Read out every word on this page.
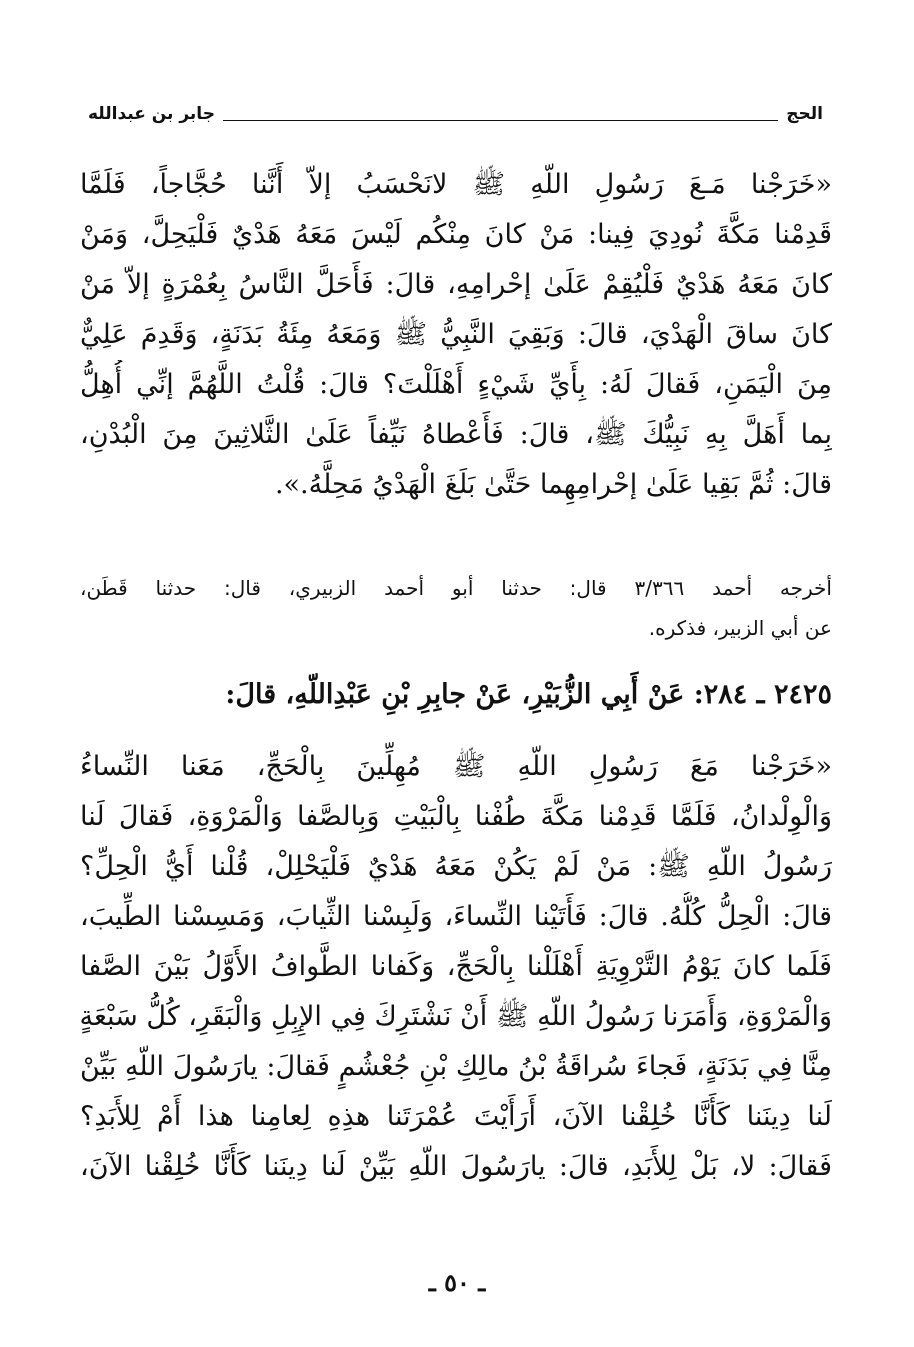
الحج
جابر بن عبدالله
«خَرَجْنا مَـعَ رَسُولِ اللّهِ ﷺ لانَحْسَبُ إلاّ أَنَّنا حُجَّاجاً، فَلَمَّا
قَدِمْنا مَكَّةَ نُودِيَ فِينا: مَنْ كانَ مِنْكُم لَيْسَ مَعَهُ هَدْيٌ فَلْيَحِلَّ، وَمَنْ
كانَ مَعَهُ هَدْيٌ فَلْيُقِمْ عَلَىٰ إحْرامِهِ، قالَ: فَأَحَلَّ النَّاسُ بِعُمْرَةٍ إلاّ مَنْ
كانَ ساقَ الْهَدْيَ، قالَ: وَبَقِيَ النَّبِيُّ ﷺ وَمَعَهُ مِئَةُ بَدَنَةٍ، وَقَدِمَ عَلِيٌّ
مِنَ الْيَمَنِ، فَقالَ لَهُ: بِأَيِّ شَيْءٍ أَهْلَلْتَ؟ قالَ: قُلْتُ اللَّهُمَّ إنِّي أُهِلُّ
بِما أَهَلَّ بِهِ نَبِيُّكَ ﷺ، قالَ: فَأَعْطاهُ نَيِّفاً عَلَىٰ الثَّلاثِينَ مِنَ الْبُدْنِ،
قالَ: ثُمَّ بَقِيا عَلَىٰ إحْرامِهِما حَتَّىٰ بَلَغَ الْهَدْيُ مَحِلَّهُ.».
أخرجه أحمد ٣/٣٦٦ قال: حدثنا أبو أحمد الزبيري، قال: حدثنا قَطَن،
عن أبي الزبير، فذكره.
٢٤٢٥ ـ ٢٨٤: عَنْ أَبِي الزُّبَيْرِ، عَنْ جابِرِ بْنِ عَبْدِاللّهِ، قالَ:
«خَرَجْنا مَعَ رَسُولِ اللّهِ ﷺ مُهِلِّينَ بِالْحَجِّ، مَعَنا النِّساءُ
وَالْوِلْدانُ، فَلَمَّا قَدِمْنا مَكَّةَ طُفْنا بِالْبَيْتِ وَبِالصَّفا وَالْمَرْوَةِ، فَقالَ لَنا
رَسُولُ اللّهِ ﷺ: مَنْ لَمْ يَكُنْ مَعَهُ هَدْيٌ فَلْيَحْلِلْ، قُلْنا أَيُّ الْحِلِّ؟
قالَ: الْحِلُّ كُلُّهُ. قالَ: فَأَتَيْنا النِّساءَ، وَلَبِسْنا الثِّيابَ، وَمَسِسْنا الطِّيبَ،
فَلَما كانَ يَوْمُ التَّرْوِيَةِ أَهْلَلْنا بِالْحَجِّ، وَكَفانا الطَّوافُ الأَوَّلُ بَيْنَ الصَّفا
وَالْمَرْوَةِ، وَأَمَرَنا رَسُولُ اللّهِ ﷺ أَنْ نَشْتَرِكَ فِي الإِبِلِ وَالْبَقَرِ، كُلُّ سَبْعَةٍ
مِنَّا فِي بَدَنَةٍ، فَجاءَ سُراقَةُ بْنُ مالِكِ بْنِ جُعْشُمٍ فَقالَ: يارَسُولَ اللّهِ بَيِّنْ
لَنا دِينَنا كَأَنَّا خُلِقْنا الآنَ، أَرَأَيْتَ عُمْرَتَنا هذِهِ لِعامِنا هذا أَمْ لِلأَبَدِ؟
فَقالَ: لا، بَلْ لِلأَبَدِ، قالَ: يارَسُولَ اللّهِ بَيِّنْ لَنا دِينَنا كَأَنَّا خُلِقْنا الآنَ،
ـ ٥٠ ـ
